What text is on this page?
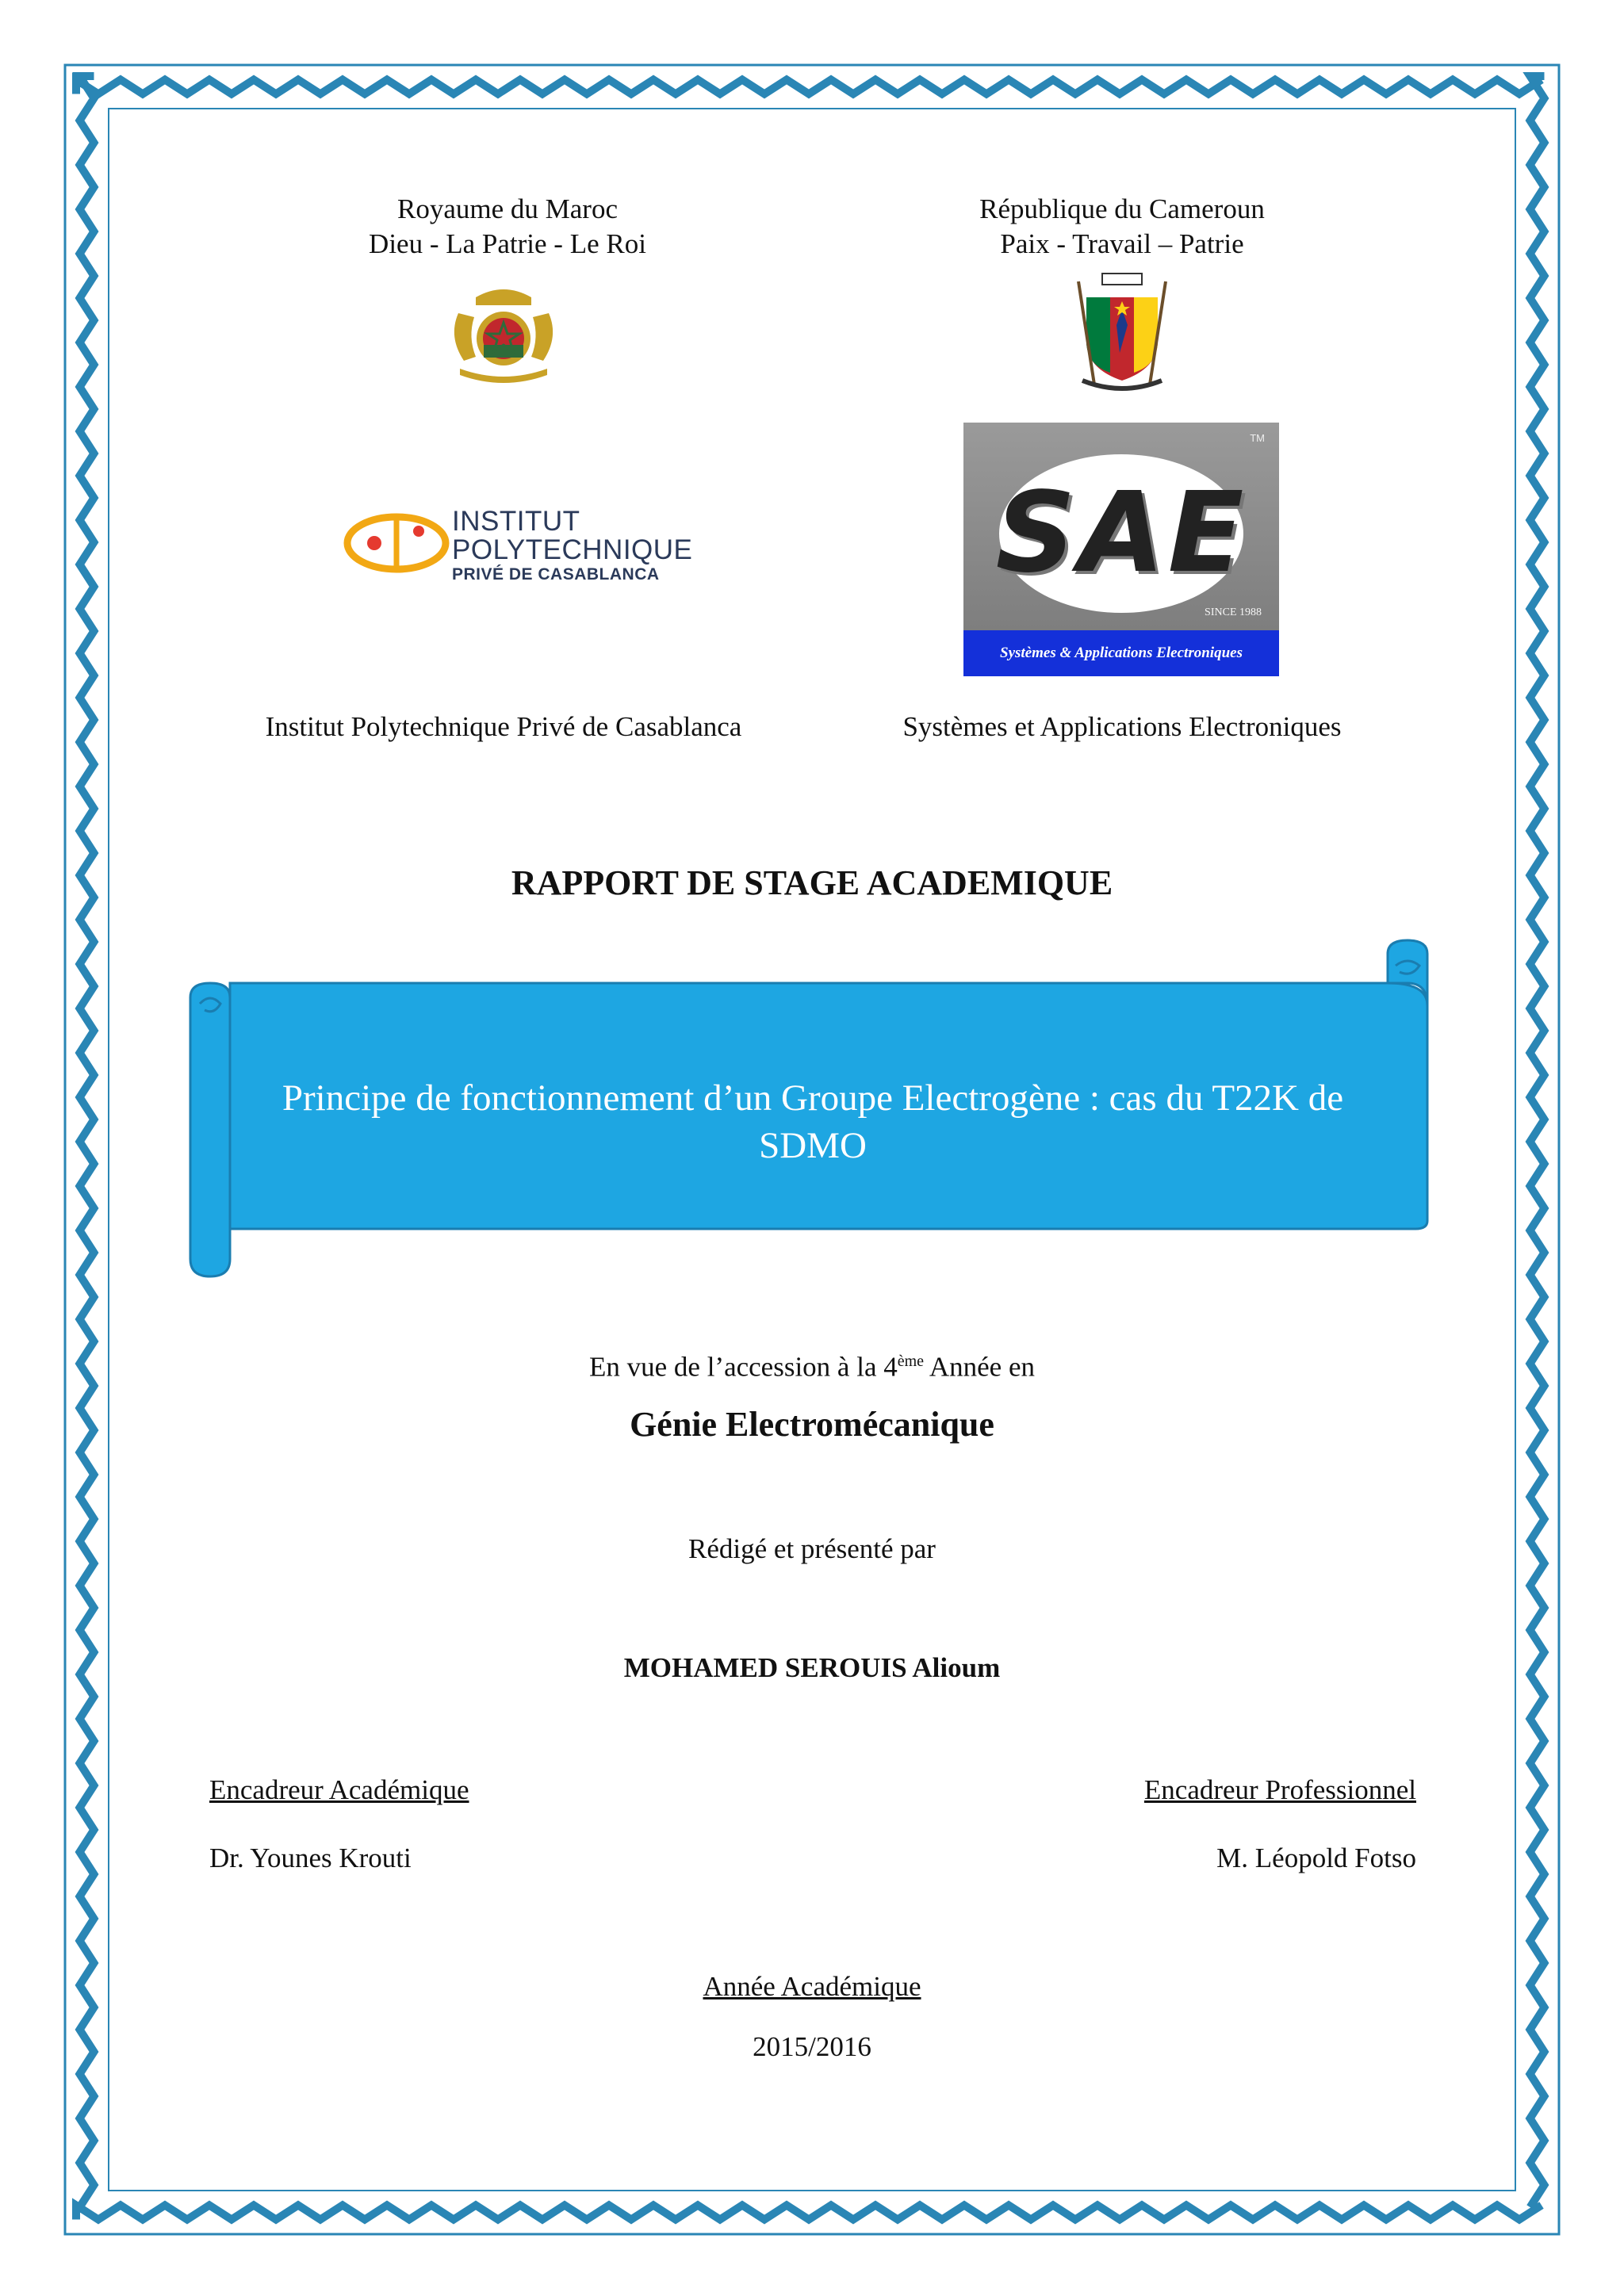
Royaume du Maroc
Dieu - La Patrie - Le Roi
République du Cameroun
Paix - Travail – Patrie
INSTITUT
POLYTECHNIQUE
PRIVÉ DE CASABLANCA	SAE
TM
SINCE 1988
Systèmes & Applications Electroniques
Institut Polytechnique Privé de Casablanca	Systèmes et Applications Electroniques
RAPPORT DE STAGE ACADEMIQUE
Principe de fonctionnement d’un Groupe Electrogène : cas du T22K de SDMO
En vue de l’accession à la 4ème Année en
Génie Electromécanique
Rédigé et présenté par
MOHAMED SEROUIS Alioum
Encadreur Académique
Dr. Younes Krouti
Encadreur Professionnel
M. Léopold Fotso
Année Académique
2015/2016
